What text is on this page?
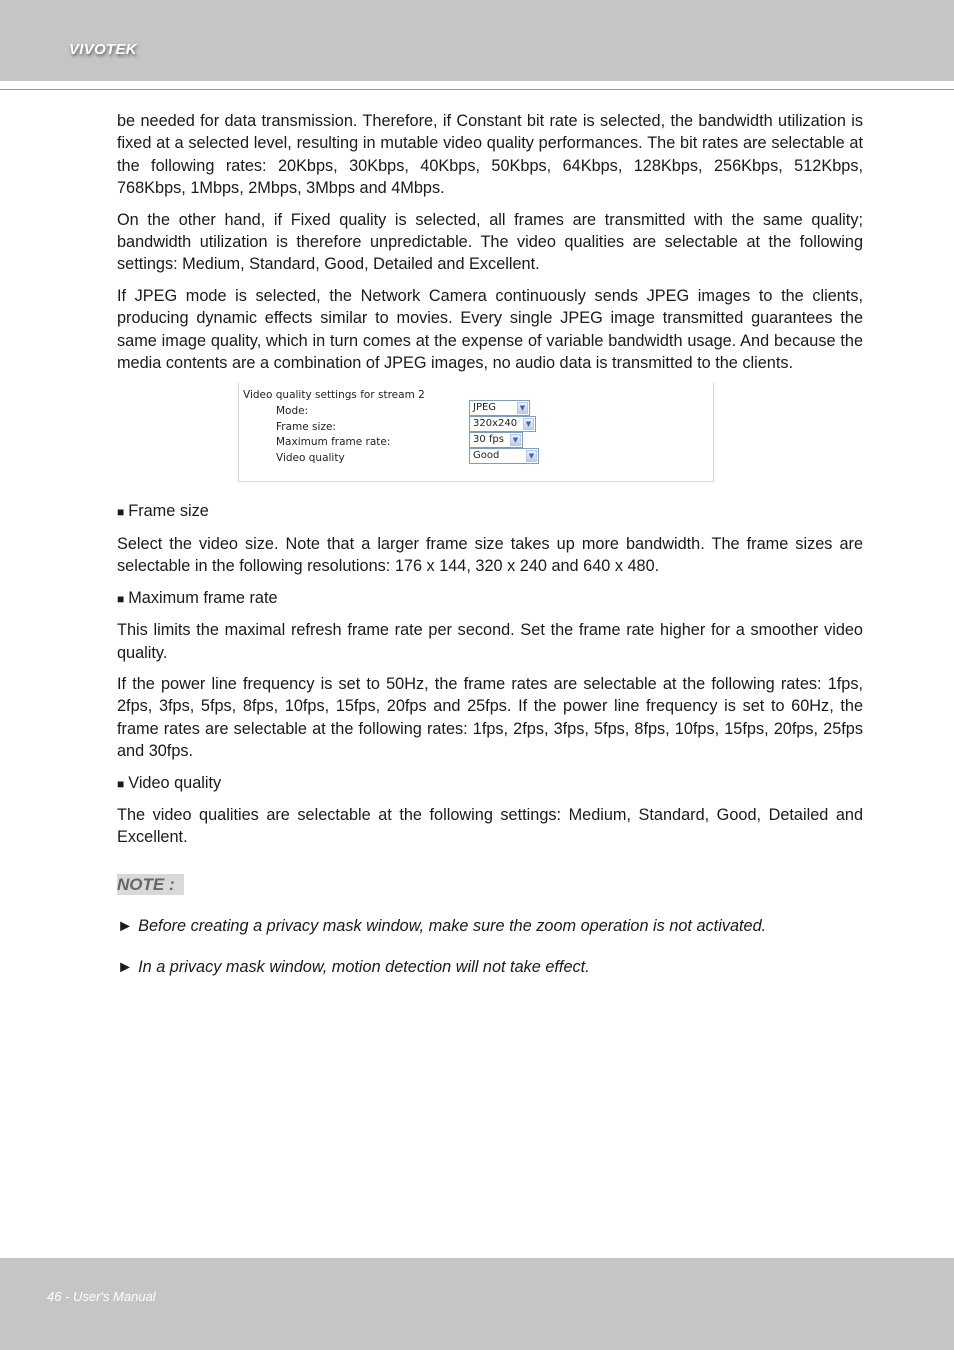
VIVOTEK

be needed for data transmission. Therefore, if Constant bit rate is selected, the bandwidth utilization is fixed at a selected level, resulting in mutable video quality performances. The bit rates are selectable at the following rates: 20Kbps, 30Kbps, 40Kbps, 50Kbps, 64Kbps, 128Kbps, 256Kbps, 512Kbps, 768Kbps, 1Mbps, 2Mbps, 3Mbps and 4Mbps.

On the other hand, if Fixed quality is selected, all frames are transmitted with the same quality; bandwidth utilization is therefore unpredictable. The video qualities are selectable at the following settings: Medium, Standard, Good, Detailed and Excellent.

If JPEG mode is selected, the Network Camera continuously sends JPEG images to the clients, producing dynamic effects similar to movies. Every single JPEG image transmitted guarantees the same image quality, which in turn comes at the expense of variable bandwidth usage. And because the media contents are a combination of JPEG images, no audio data is transmitted to the clients.

Video quality settings for stream 2
Mode:	JPEG	▼
Frame size:	320x240	▼
Maximum frame rate:	30 fps	▼
Video quality	Good	▼

■ Frame size

Select the video size. Note that a larger frame size takes up more bandwidth. The frame sizes are selectable in the following resolutions: 176 x 144, 320 x 240 and 640 x 480.

■ Maximum frame rate

This limits the maximal refresh frame rate per second. Set the frame rate higher for a smoother video quality.

If the power line frequency is set to 50Hz, the frame rates are selectable at the following rates: 1fps, 2fps, 3fps, 5fps, 8fps, 10fps, 15fps, 20fps and 25fps. If the power line frequency is set to 60Hz, the frame rates are selectable at the following rates: 1fps, 2fps, 3fps, 5fps, 8fps, 10fps, 15fps, 20fps, 25fps and 30fps.

■ Video quality

The video qualities are selectable at the following settings: Medium, Standard, Good, Detailed and Excellent.

NOTE :

► Before creating a privacy mask window, make sure the zoom operation is not activated.

► In a privacy mask window, motion detection will not take effect.

46 - User's Manual
